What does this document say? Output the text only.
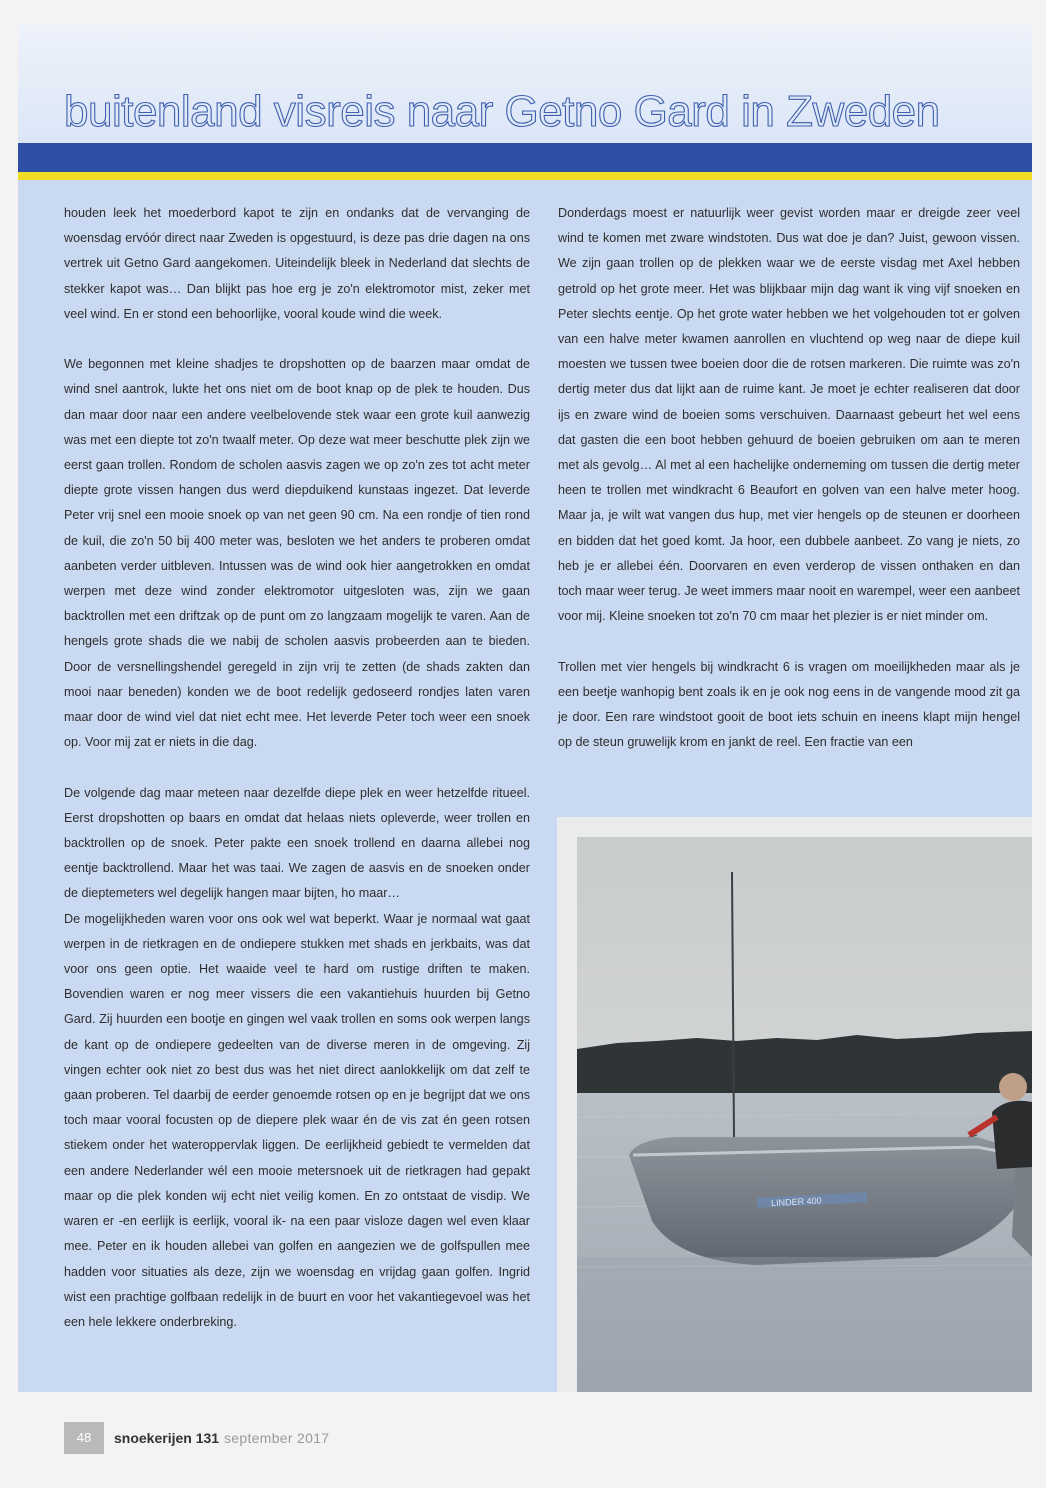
buitenland visreis naar Getno Gard in Zweden

houden leek het moederbord kapot te zijn en ondanks dat de vervanging de woensdag ervóór direct naar Zweden is opgestuurd, is deze pas drie dagen na ons vertrek uit Getno Gard aangekomen. Uiteindelijk bleek in Nederland dat slechts de stekker kapot was… Dan blijkt pas hoe erg je zo'n elektromotor mist, zeker met veel wind. En er stond een behoorlijke, vooral koude wind die week.

We begonnen met kleine shadjes te dropshotten op de baarzen maar omdat de wind snel aantrok, lukte het ons niet om de boot knap op de plek te houden. Dus dan maar door naar een andere veelbelovende stek waar een grote kuil aanwezig was met een diepte tot zo'n twaalf meter. Op deze wat meer beschutte plek zijn we eerst gaan trollen. Rondom de scholen aasvis zagen we op zo'n zes tot acht meter diepte grote vissen hangen dus werd diepduikend kunstaas ingezet. Dat leverde Peter vrij snel een mooie snoek op van net geen 90 cm. Na een rondje of tien rond de kuil, die zo'n 50 bij 400 meter was, besloten we het anders te proberen omdat aanbeten verder uitbleven. Intussen was de wind ook hier aangetrokken en omdat werpen met deze wind zonder elektromotor uitgesloten was, zijn we gaan backtrollen met een driftzak op de punt om zo langzaam mogelijk te varen. Aan de hengels grote shads die we nabij de scholen aasvis probeerden aan te bieden. Door de versnellingshendel geregeld in zijn vrij te zetten (de shads zakten dan mooi naar beneden) konden we de boot redelijk gedoseerd rondjes laten varen maar door de wind viel dat niet echt mee. Het leverde Peter toch weer een snoek op. Voor mij zat er niets in die dag.

De volgende dag maar meteen naar dezelfde diepe plek en weer hetzelfde ritueel. Eerst dropshotten op baars en omdat dat helaas niets opleverde, weer trollen en backtrollen op de snoek. Peter pakte een snoek trollend en daarna allebei nog eentje backtrollend. Maar het was taai. We zagen de aasvis en de snoeken onder de dieptemeters wel degelijk hangen maar bijten, ho maar…

De mogelijkheden waren voor ons ook wel wat beperkt. Waar je normaal wat gaat werpen in de rietkragen en de ondiepere stukken met shads en jerkbaits, was dat voor ons geen optie. Het waaide veel te hard om rustige driften te maken. Bovendien waren er nog meer vissers die een vakantiehuis huurden bij Getno Gard. Zij huurden een bootje en gingen wel vaak trollen en soms ook werpen langs de kant op de ondiepere gedeelten van de diverse meren in de omgeving. Zij vingen echter ook niet zo best dus was het niet direct aanlokkelijk om dat zelf te gaan proberen. Tel daarbij de eerder genoemde rotsen op en je begrijpt dat we ons toch maar vooral focusten op de diepere plek waar én de vis zat én geen rotsen stiekem onder het wateroppervlak liggen. De eerlijkheid gebiedt te vermelden dat een andere Nederlander wél een mooie metersnoek uit de rietkragen had gepakt maar op die plek konden wij echt niet veilig komen. En zo ontstaat de visdip. We waren er -en eerlijk is eerlijk, vooral ik- na een paar visloze dagen wel even klaar mee. Peter en ik houden allebei van golfen en aangezien we de golfspullen mee hadden voor situaties als deze, zijn we woensdag en vrijdag gaan golfen. Ingrid wist een prachtige golfbaan redelijk in de buurt en voor het vakantiegevoel was het een hele lekkere onderbreking.

Donderdags moest er natuurlijk weer gevist worden maar er dreigde zeer veel wind te komen met zware windstoten. Dus wat doe je dan? Juist, gewoon vissen. We zijn gaan trollen op de plekken waar we de eerste visdag met Axel hebben getrold op het grote meer. Het was blijkbaar mijn dag want ik ving vijf snoeken en Peter slechts eentje. Op het grote water hebben we het volgehouden tot er golven van een halve meter kwamen aanrollen en vluchtend op weg naar de diepe kuil moesten we tussen twee boeien door die de rotsen markeren. Die ruimte was zo'n dertig meter dus dat lijkt aan de ruime kant. Je moet je echter realiseren dat door ijs en zware wind de boeien soms verschuiven. Daarnaast gebeurt het wel eens dat gasten die een boot hebben gehuurd de boeien gebruiken om aan te meren met als gevolg… Al met al een hachelijke onderneming om tussen die dertig meter heen te trollen met windkracht 6 Beaufort en golven van een halve meter hoog. Maar ja, je wilt wat vangen dus hup, met vier hengels op de steunen er doorheen en bidden dat het goed komt. Ja hoor, een dubbele aanbeet. Zo vang je niets, zo heb je er allebei één. Doorvaren en even verderop de vissen onthaken en dan toch maar weer terug. Je weet immers maar nooit en warempel, weer een aanbeet voor mij. Kleine snoeken tot zo'n 70 cm maar het plezier is er niet minder om.

Trollen met vier hengels bij windkracht 6 is vragen om moeilijkheden maar als je een beetje wanhopig bent zoals ik en je ook nog eens in de vangende mood zit ga je door. Een rare windstoot gooit de boot iets schuin en ineens klapt mijn hengel op de steun gruwelijk krom en jankt de reel. Een fractie van een

LINDER 400
48	snoekerijen 131 september 2017
